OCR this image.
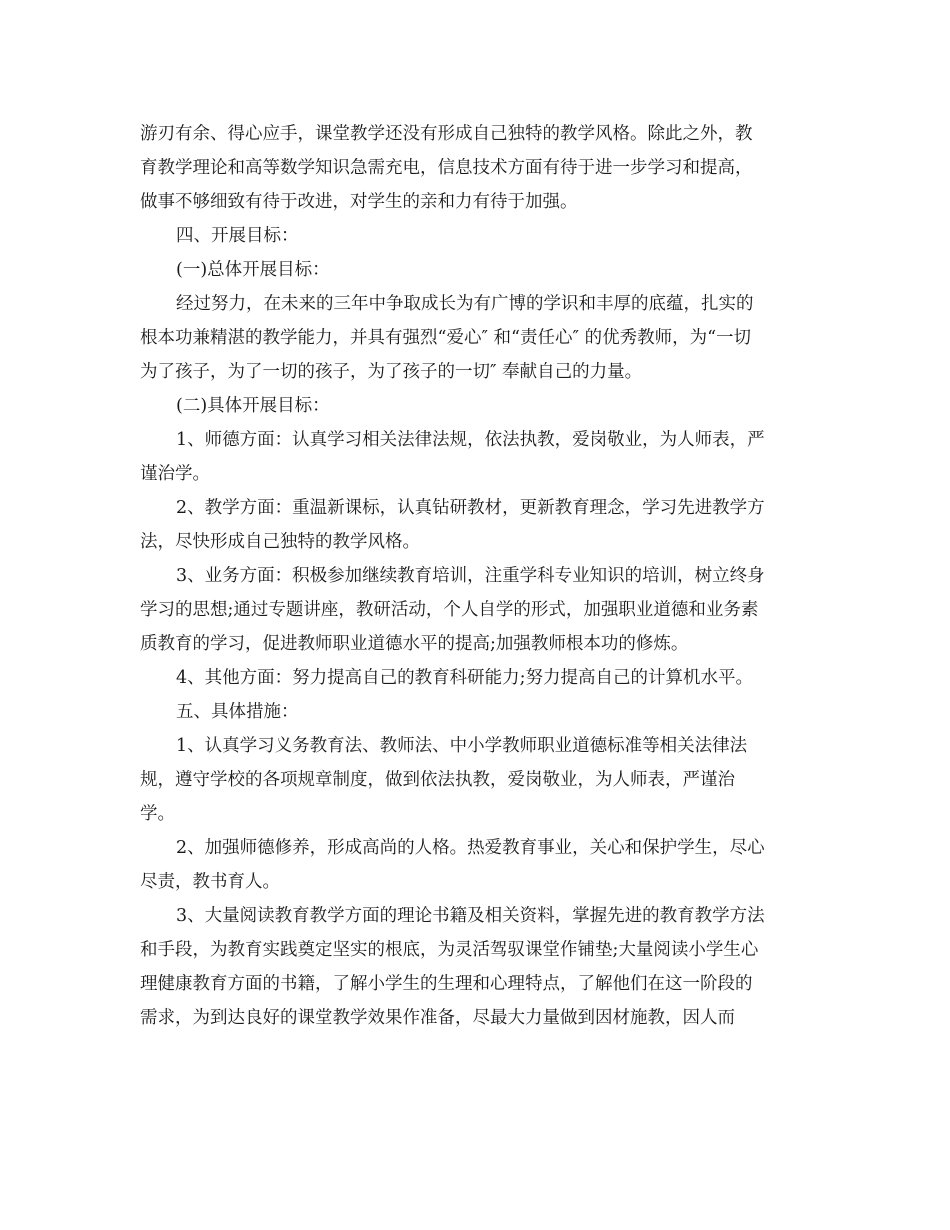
游刃有余、得心应手，课堂教学还没有形成自己独特的教学风格。除此之外，教
育教学理论和高等数学知识急需充电，信息技术方面有待于进一步学习和提高，
做事不够细致有待于改进，对学生的亲和力有待于加强。
四、开展目标：
(一)总体开展目标：
经过努力，在未来的三年中争取成长为有广博的学识和丰厚的底蕴，扎实的
根本功兼精湛的教学能力，并具有强烈“爱心″ 和“责任心″ 的优秀教师，为“一切
为了孩子，为了一切的孩子，为了孩子的一切″ 奉献自己的力量。
(二)具体开展目标：
1、师德方面：认真学习相关法律法规，依法执教，爱岗敬业，为人师表，严
谨治学。
2、教学方面：重温新课标，认真钻研教材，更新教育理念，学习先进教学方
法，尽快形成自己独特的教学风格。
3、业务方面：积极参加继续教育培训，注重学科专业知识的培训，树立终身
学习的思想;通过专题讲座，教研活动，个人自学的形式，加强职业道德和业务素
质教育的学习，促进教师职业道德水平的提高;加强教师根本功的修炼。
4、其他方面：努力提高自己的教育科研能力;努力提高自己的计算机水平。
五、具体措施：
1、认真学习义务教育法、教师法、中小学教师职业道德标准等相关法律法
规，遵守学校的各项规章制度，做到依法执教，爱岗敬业，为人师表，严谨治
学。
2、加强师德修养，形成高尚的人格。热爱教育事业，关心和保护学生，尽心
尽责，教书育人。
3、大量阅读教育教学方面的理论书籍及相关资料，掌握先进的教育教学方法
和手段，为教育实践奠定坚实的根底，为灵活驾驭课堂作铺垫;大量阅读小学生心
理健康教育方面的书籍，了解小学生的生理和心理特点，了解他们在这一阶段的
需求，为到达良好的课堂教学效果作准备，尽最大力量做到因材施教，因人而
